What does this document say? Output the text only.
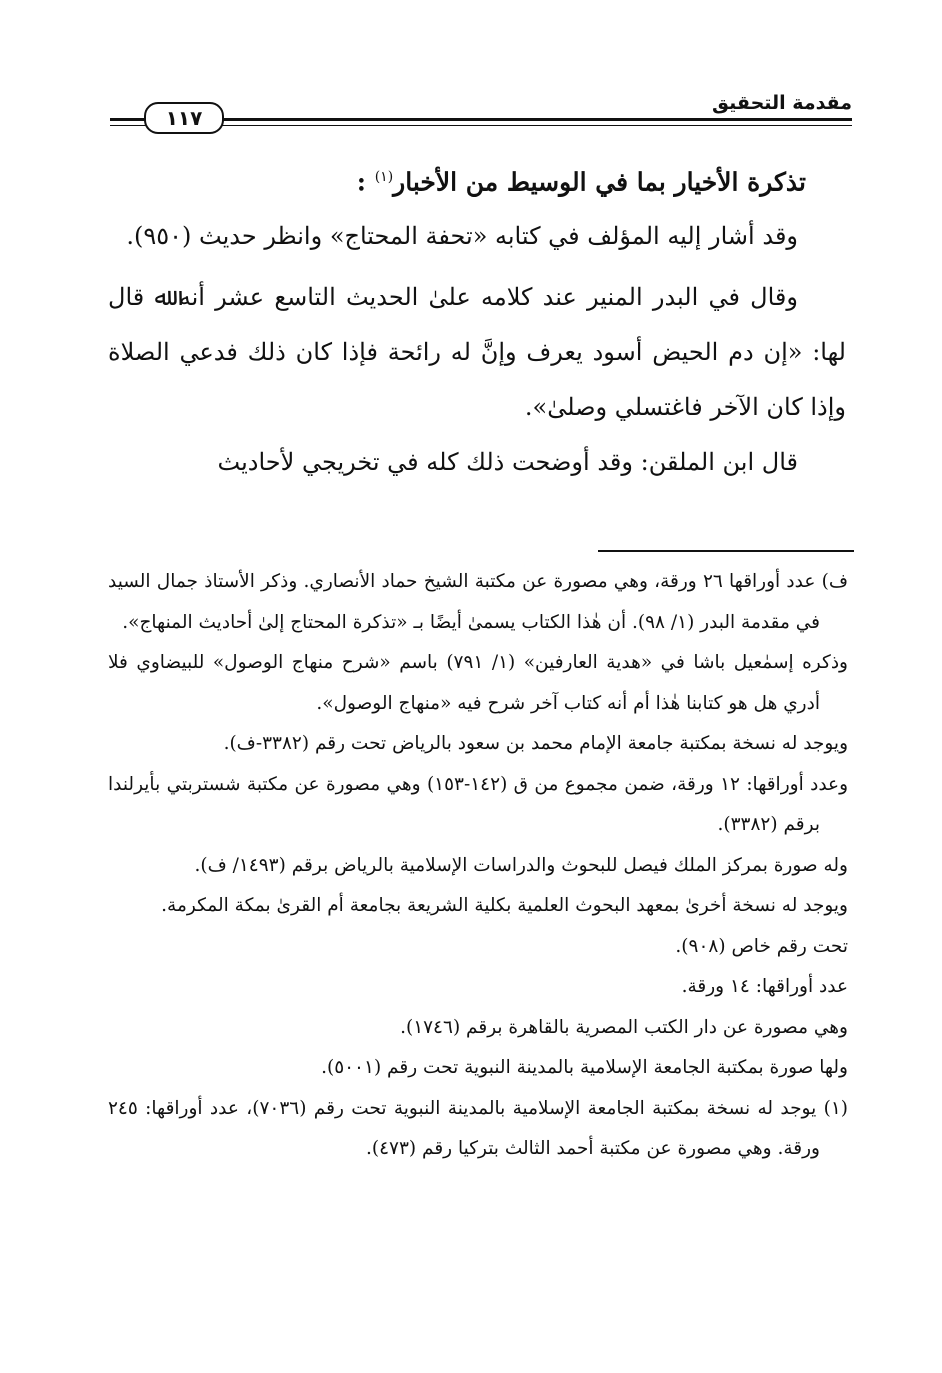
١١٧
مقدمة التحقيق

تذكرة الأخيار بما في الوسيط من الأخبار$^{(١)}$ :

وقد أشار إليه المؤلف في كتابه «تحفة المحتاج» وانظر حديث (٩٥٠).

وقال في البدر المنير عند كلامه علىٰ الحديث التاسع عشر أنه ﷲ قال لها: «إن دم الحيض أسود يعرف وإنَّ له رائحة فإذا كان ذلك فدعي الصلاة وإذا كان الآخر فاغتسلي وصلىٰ».

قال ابن الملقن: وقد أوضحت ذلك كله في تخريجي لأحاديث

ف) عدد أوراقها ٢٦ ورقة، وهي مصورة عن مكتبة الشيخ حماد الأنصاري. وذكر الأستاذ جمال السيد في مقدمة البدر (١/ ٩٨). أن هٰذا الكتاب يسمىٰ أيضًا بـ «تذكرة المحتاج إلىٰ أحاديث المنهاج».

وذكره إسمٰعيل باشا في «هدية العارفين» (١/ ٧٩١) باسم «شرح منهاج الوصول» للبيضاوي فلا أدري هل هو كتابنا هٰذا أم أنه كتاب آخر شرح فيه «منهاج الوصول».

ويوجد له نسخة بمكتبة جامعة الإمام محمد بن سعود بالرياض تحت رقم (٣٣٨٢-ف).

وعدد أوراقها: ١٢ ورقة، ضمن مجموع من ق (١٤٢-١٥٣) وهي مصورة عن مكتبة شستربتي بأيرلندا برقم (٣٣٨٢).

وله صورة بمركز الملك فيصل للبحوث والدراسات الإسلامية بالرياض برقم (١٤٩٣/ ف).

ويوجد له نسخة أخرىٰ بمعهد البحوث العلمية بكلية الشريعة بجامعة أم القرىٰ بمكة المكرمة.

تحت رقم خاص (٩٠٨).

عدد أوراقها: ١٤ ورقة.

وهي مصورة عن دار الكتب المصرية بالقاهرة برقم (١٧٤٦).

ولها صورة بمكتبة الجامعة الإسلامية بالمدينة النبوية تحت رقم (٥٠٠١).

(١) يوجد له نسخة بمكتبة الجامعة الإسلامية بالمدينة النبوية تحت رقم (٧٠٣٦)، عدد أوراقها: ٢٤٥ ورقة. وهي مصورة عن مكتبة أحمد الثالث بتركيا رقم (٤٧٣).
